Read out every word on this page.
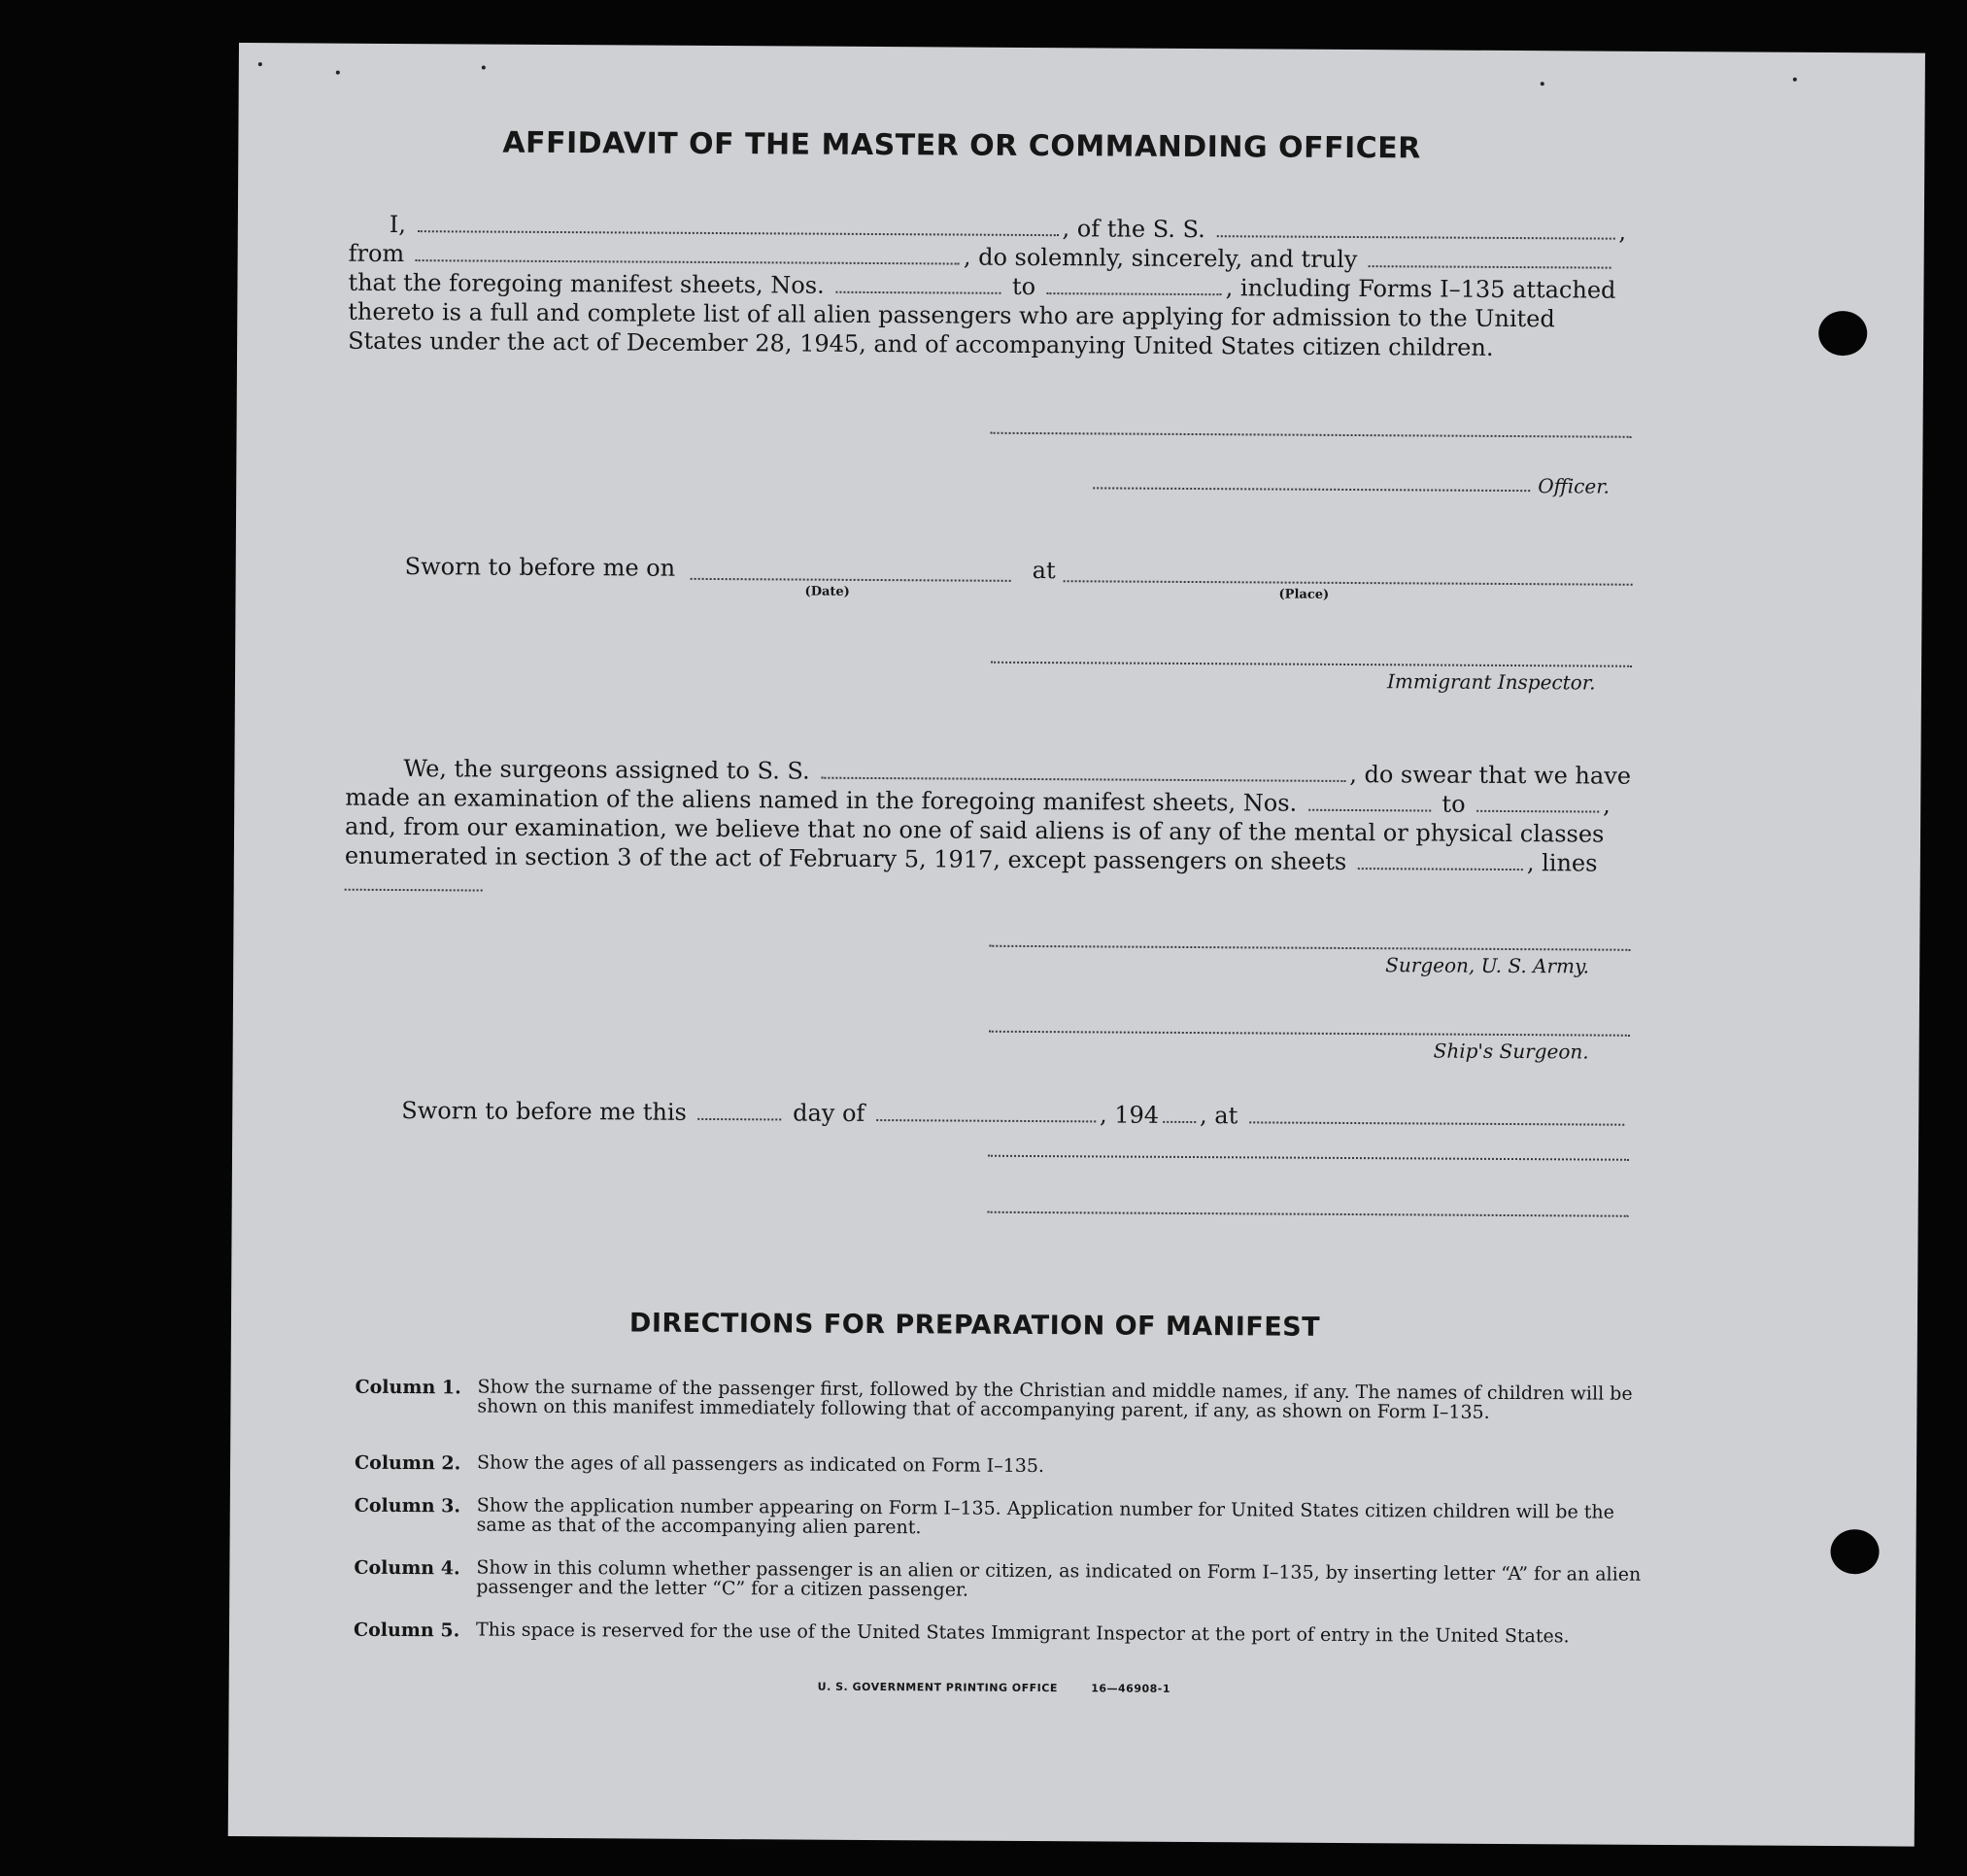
AFFIDAVIT OF THE MASTER OR COMMANDING OFFICER
I,	, of the S. S.	,
from	, do solemnly, sincerely, and truly
that the foregoing manifest sheets, Nos.	to	, including Forms I–135 attached
thereto is a full and complete list of all alien passengers who are applying for admission to the United
States under the act of December 28, 1945, and of accompanying United States citizen children.
Officer.
Sworn to before me on
(Date)
at
(Place)
Immigrant Inspector.
We, the surgeons assigned to S. S.	, do swear that we have
made an examination of the aliens named in the foregoing manifest sheets, Nos.	to	,
and, from our examination, we believe that no one of said aliens is of any of the mental or physical classes
enumerated in section 3 of the act of February 5, 1917, except passengers on sheets	, lines
Surgeon, U. S. Army.
Ship's Surgeon.
Sworn to before me this	day of	, 194 , at
DIRECTIONS FOR PREPARATION OF MANIFEST
Column 1. Show the surname of the passenger first, followed by the Christian and middle names, if any. The names of children will be shown on this manifest immediately following that of accompanying parent, if any, as shown on Form I–135.
Column 2. Show the ages of all passengers as indicated on Form I–135.
Column 3. Show the application number appearing on Form I–135. Application number for United States citizen children will be the same as that of the accompanying alien parent.
Column 4. Show in this column whether passenger is an alien or citizen, as indicated on Form I–135, by inserting letter “A” for an alien passenger and the letter “C” for a citizen passenger.
Column 5. This space is reserved for the use of the United States Immigrant Inspector at the port of entry in the United States.
U. S. GOVERNMENT PRINTING OFFICE	16—46908-1
